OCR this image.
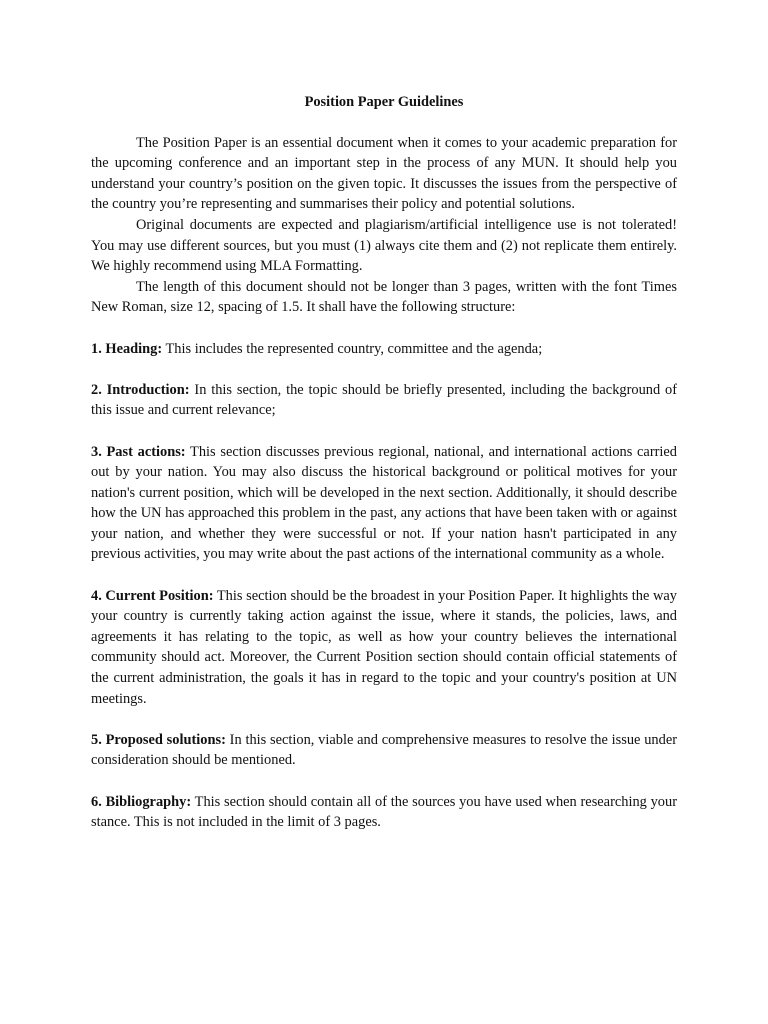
Position Paper Guidelines

The Position Paper is an essential document when it comes to your academic preparation for the upcoming conference and an important step in the process of any MUN. It should help you understand your country’s position on the given topic. It discusses the issues from the perspective of the country you’re representing and summarises their policy and potential solutions.

Original documents are expected and plagiarism/artificial intelligence use is not tolerated! You may use different sources, but you must (1) always cite them and (2) not replicate them entirely. We highly recommend using MLA Formatting.

The length of this document should not be longer than 3 pages, written with the font Times New Roman, size 12, spacing of 1.5. It shall have the following structure:

1. Heading: This includes the represented country, committee and the agenda;

2. Introduction: In this section, the topic should be briefly presented, including the background of this issue and current relevance;

3. Past actions: This section discusses previous regional, national, and international actions carried out by your nation. You may also discuss the historical background or political motives for your nation's current position, which will be developed in the next section. Additionally, it should describe how the UN has approached this problem in the past, any actions that have been taken with or against your nation, and whether they were successful or not. If your nation hasn't participated in any previous activities, you may write about the past actions of the international community as a whole.

4. Current Position: This section should be the broadest in your Position Paper. It highlights the way your country is currently taking action against the issue, where it stands, the policies, laws, and agreements it has relating to the topic, as well as how your country believes the international community should act. Moreover, the Current Position section should contain official statements of the current administration, the goals it has in regard to the topic and your country's position at UN meetings.

5. Proposed solutions: In this section, viable and comprehensive measures to resolve the issue under consideration should be mentioned.

6. Bibliography: This section should contain all of the sources you have used when researching your stance. This is not included in the limit of 3 pages.
